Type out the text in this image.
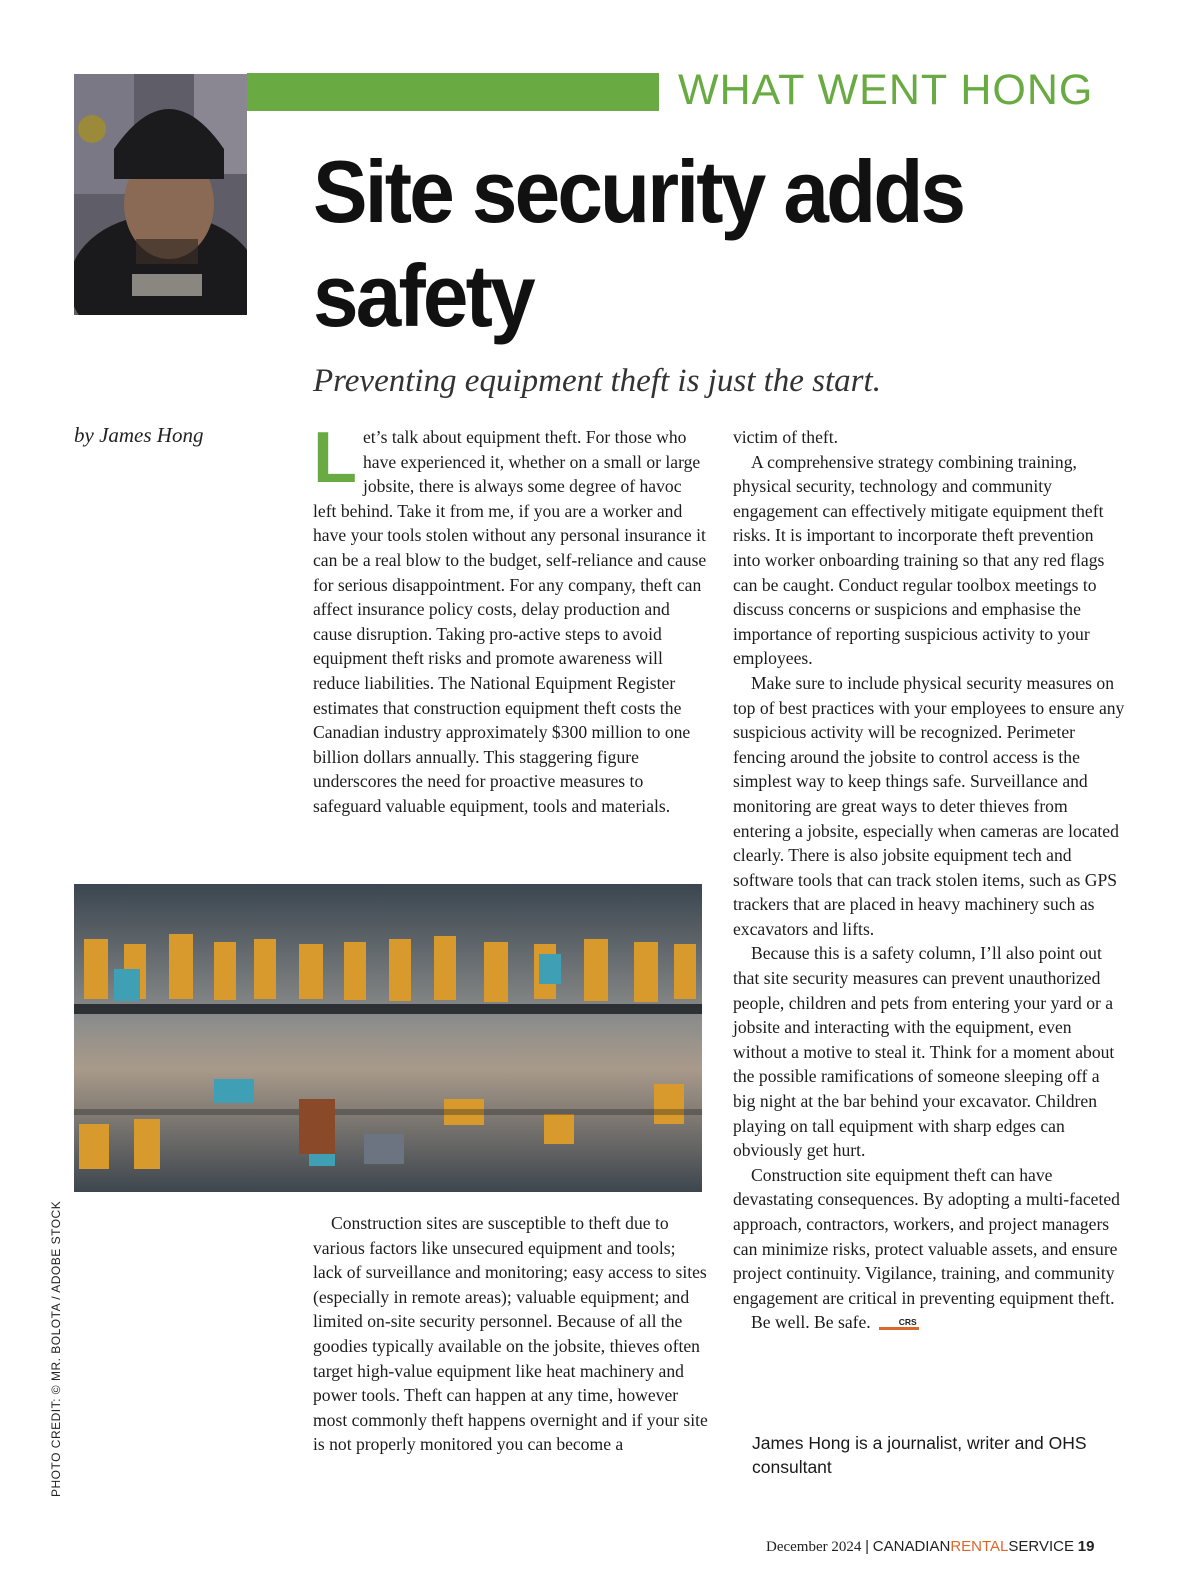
WHAT WENT HONG
Site security adds safety
Preventing equipment theft is just the start.
by James Hong L et’s talk about equipment theft. For those who have experienced it, whether on a small or large jobsite, there is always some degree of havoc left behind. Take it from me, if you are a worker and have your tools stolen without any personal insurance it can be a real blow to the budget, self-reliance and cause for serious disappointment. For any company, theft can affect insurance policy costs, delay production and cause disruption. Taking pro-active steps to avoid equipment theft risks and promote awareness will reduce liabilities. The National Equipment Register estimates that construction equipment theft costs the Canadian industry approximately $300 million to one billion dollars annually. This staggering figure underscores the need for proactive measures to safeguard valuable equipment, tools and materials.

PHOTO CREDIT: © MR. BOLOTA / ADOBE STOCK	Construction sites are susceptible to theft due to various factors like unsecured equipment and tools; lack of surveillance and monitoring; easy access to sites (especially in remote areas); valuable equipment; and limited on-site security personnel. Because of all the goodies typically available on the jobsite, thieves often target high-value equipment like heat machinery and power tools. Theft can happen at any time, however most commonly theft happens overnight and if your site is not properly monitored you can become a

victim of theft.

A comprehensive strategy combining training, physical security, technology and community engagement can effectively mitigate equipment theft risks. It is important to incorporate theft prevention into worker onboarding training so that any red flags can be caught. Conduct regular toolbox meetings to discuss concerns or suspicions and emphasise the importance of reporting suspicious activity to your employees.

Make sure to include physical security measures on top of best practices with your employees to ensure any suspicious activity will be recognized. Perimeter fencing around the jobsite to control access is the simplest way to keep things safe. Surveillance and monitoring are great ways to deter thieves from entering a jobsite, especially when cameras are located clearly. There is also jobsite equipment tech and software tools that can track stolen items, such as GPS trackers that are placed in heavy machinery such as excavators and lifts.

Because this is a safety column, I’ll also point out that site security measures can prevent unauthorized people, children and pets from entering your yard or a jobsite and interacting with the equipment, even without a motive to steal it. Think for a moment about the possible ramifications of someone sleeping off a big night at the bar behind your excavator. Children playing on tall equipment with sharp edges can obviously get hurt.

Construction site equipment theft can have devastating consequences. By adopting a multi-faceted approach, contractors, workers, and project managers can minimize risks, protect valuable assets, and ensure project continuity. Vigilance, training, and community engagement are critical in preventing equipment theft.

Be well. Be safe.	CRS

James Hong is a journalist, writer and OHS consultant
December 2024 | CANADIANRENTALSERVICE 19
